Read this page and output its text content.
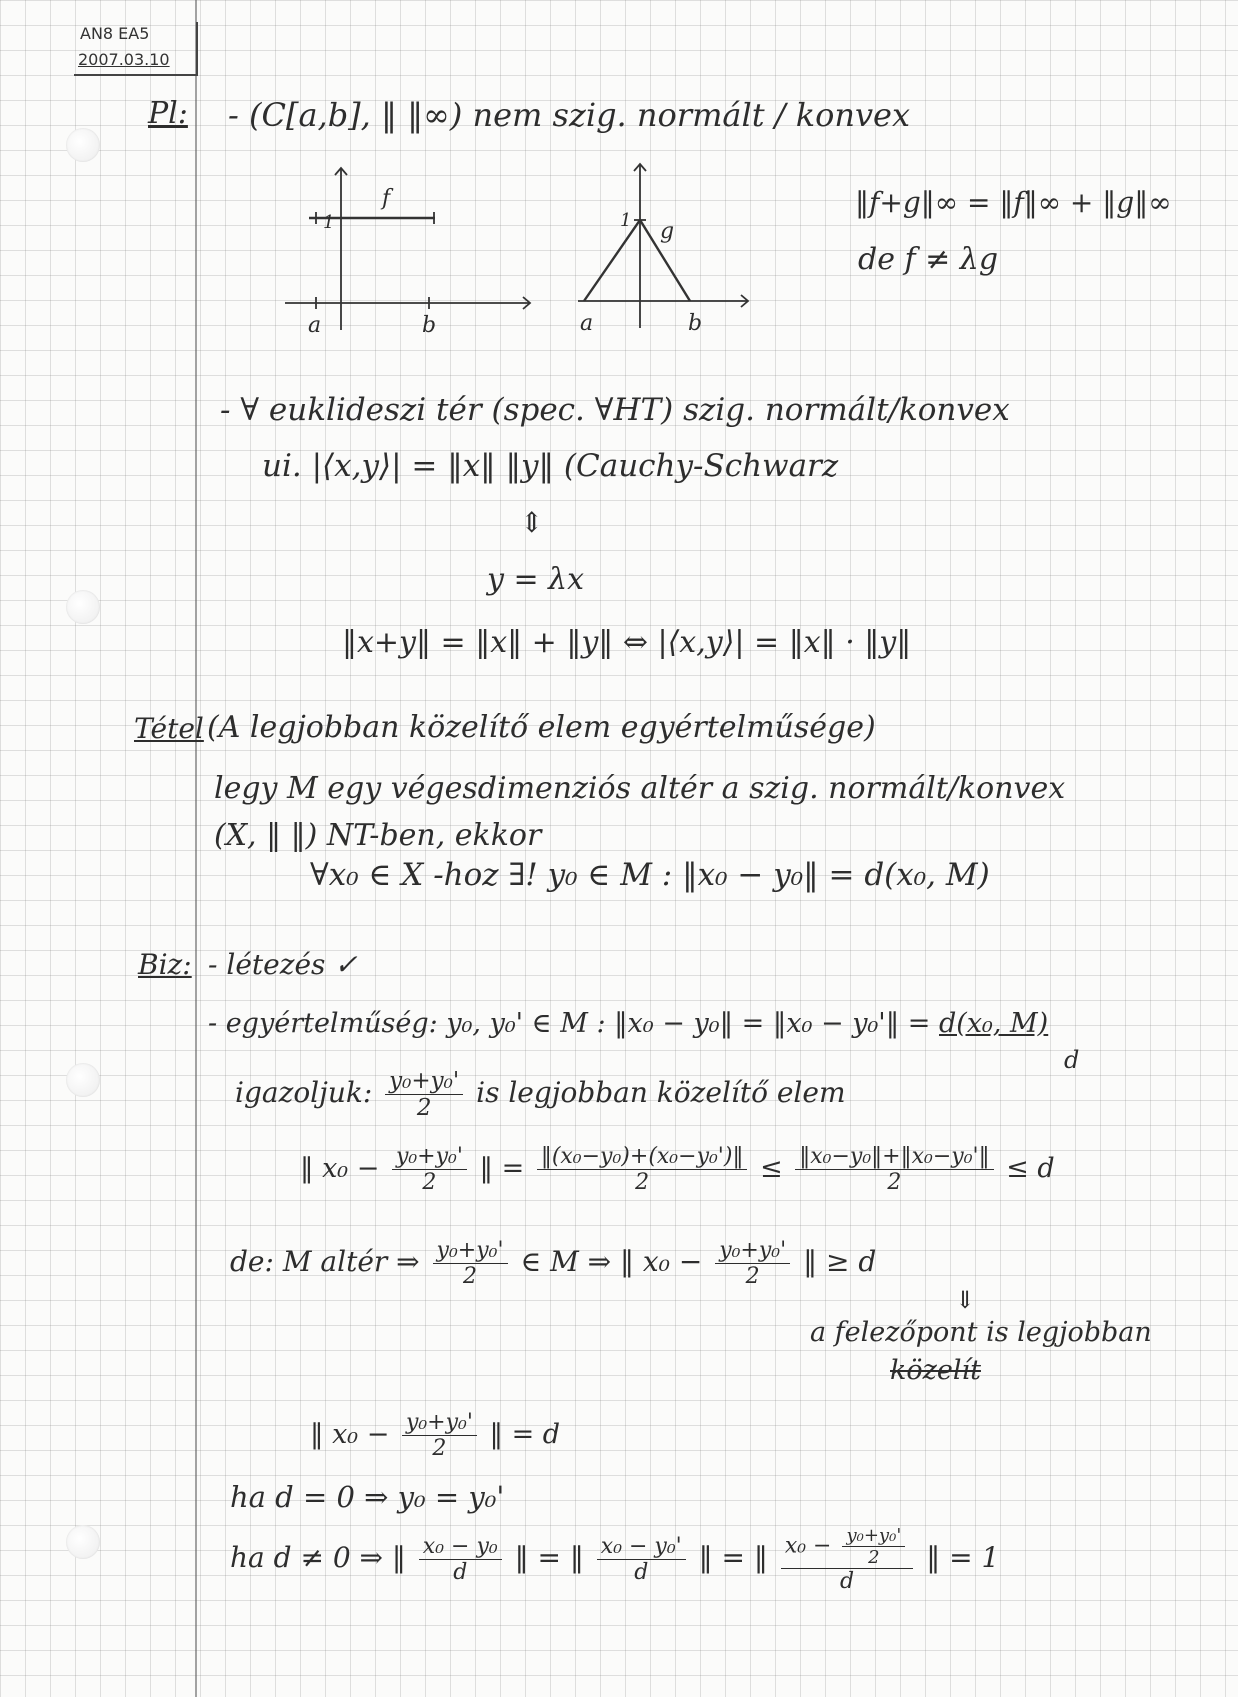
AN8 EA5
2007.03.10
Pl: - (C[a,b], ‖ ‖∞) nem szig. normált / konvex
f
1
a	b
1 g
a	b
‖f+g‖∞ = ‖f‖∞ + ‖g‖∞
de f ≠ λg
- ∀ euklideszi tér (spec. ∀HT) szig. normált/konvex
ui. |⟨x,y⟩| = ‖x‖ ‖y‖ (Cauchy-Schwarz
⇕
y = λx
‖x+y‖ = ‖x‖ + ‖y‖ ⇔ |⟨x,y⟩| = ‖x‖ · ‖y‖
Tétel (A legjobban közelítő elem egyértelműsége)
legy M egy végesdimenziós altér a szig. normált/konvex
(X, ‖ ‖) NT-ben, ekkor
∀x₀ ∈ X -hoz ∃! y₀ ∈ M : ‖x₀ − y₀‖ = d(x₀, M)
Biz: - létezés ✓
- egyértelműség: y₀, y₀' ∈ M : ‖x₀ − y₀‖ = ‖x₀ − y₀'‖ = d(x₀, M)
d
igazoljuk: $\frac{\text{y₀+y₀'}}{2}$ is legjobban közelítő elem
‖ $x_0 - \frac{\text{y₀+y₀'}}{2}$ ‖ = $\frac{\text{‖(x₀−y₀)+(x₀−y₀')‖}}{2} \le \frac{\text{‖x₀−y₀‖+‖x₀−y₀'‖}}{2} \le d$
de: M altér ⇒ $\frac{\text{y₀+y₀'}}{2}$ ∈ M ⇒ ‖ $x_0 - \frac{\text{y₀+y₀'}}{2}$ ‖ ≥ d
⇓
a felezőpont is legjobban
közelít
‖ $x_0 - \frac{\text{y₀+y₀'}}{2}$ ‖ = d
ha d = 0 ⇒ y₀ = y₀'
ha d ≠ 0 ⇒ ‖ $\frac{\text{x₀ − y₀}}{d}$ ‖ = ‖ $\frac{\text{x₀ − y₀'}}{d}$ ‖ = ‖ $\frac{x_0 - \frac{\text{y₀+y₀'}}{2}}{d}$ ‖ = 1
